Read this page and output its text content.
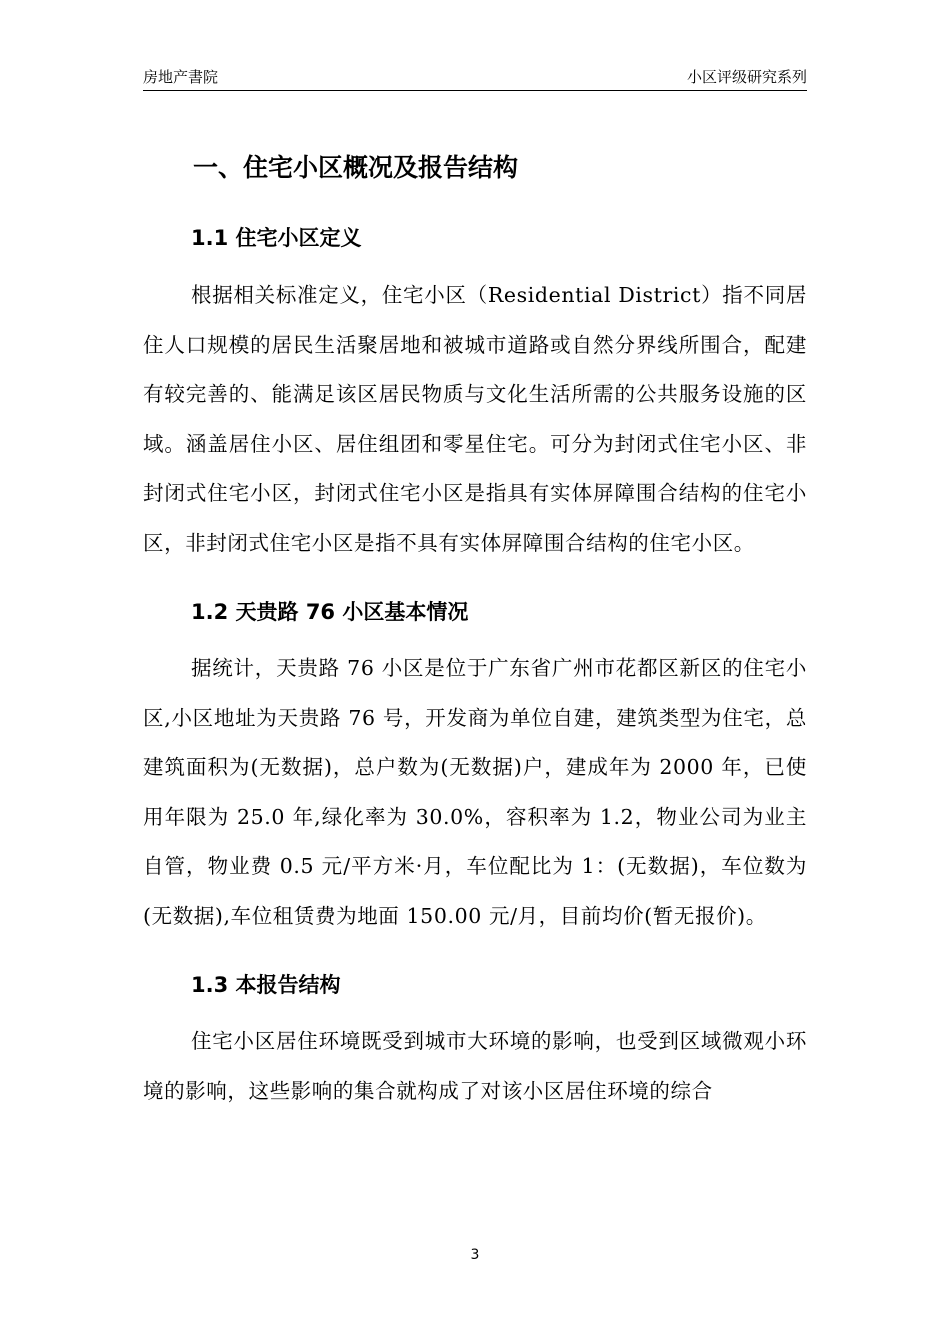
房地产書院	小区评级研究系列
一、住宅小区概况及报告结构
1.1 住宅小区定义

根据相关标准定义，住宅小区（Residential District）指不同居住人口规模的居民生活聚居地和被城市道路或自然分界线所围合，配建有较完善的、能满足该区居民物质与文化生活所需的公共服务设施的区域。涵盖居住小区、居住组团和零星住宅。可分为封闭式住宅小区、非封闭式住宅小区，封闭式住宅小区是指具有实体屏障围合结构的住宅小区，非封闭式住宅小区是指不具有实体屏障围合结构的住宅小区。

1.2 天贵路 76 小区基本情况

据统计，天贵路 76 小区是位于广东省广州市花都区新区的住宅小区,小区地址为天贵路 76 号，开发商为单位自建，建筑类型为住宅，总建筑面积为(无数据)，总户数为(无数据)户，建成年为 2000 年，已使用年限为 25.0 年,绿化率为 30.0%，容积率为 1.2，物业公司为业主自管，物业费 0.5 元/平方米·月，车位配比为 1：(无数据)，车位数为(无数据),车位租赁费为地面 150.00 元/月，目前均价(暂无报价)。

1.3 本报告结构

住宅小区居住环境既受到城市大环境的影响，也受到区域微观小环境的影响，这些影响的集合就构成了对该小区居住环境的综合

3
